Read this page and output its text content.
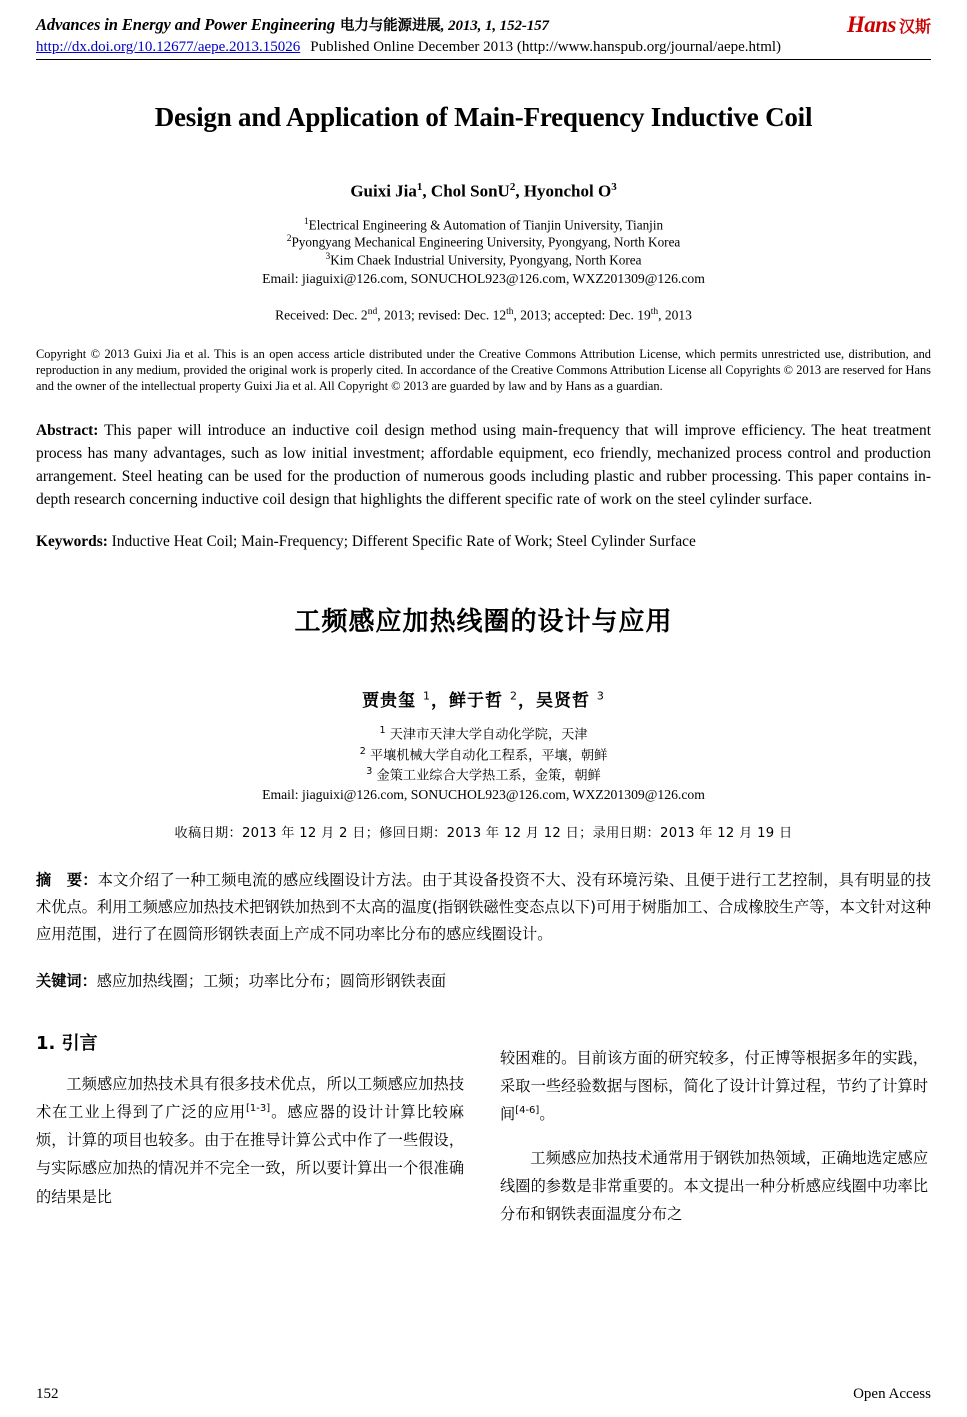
Advances in Energy and Power Engineering 电力与能源进展, 2013, 1, 152-157	Hans 汉斯
http://dx.doi.org/10.12677/aepe.2013.15026 Published Online December 2013 (http://www.hanspub.org/journal/aepe.html)
Design and Application of Main-Frequency Inductive Coil
Guixi Jia$^1$, Chol SonU$^2$, Hyonchol $O^3$
$^1$Electrical Engineering & Automation of Tianjin University, Tianjin
$^2$Pyongyang Mechanical Engineering University, Pyongyang, North Korea
$^3$Kim Chaek Industrial University, Pyongyang, North Korea
Email: jiaguixi@126.com, SONUCHOL923@126.com, WXZ201309@126.com
Received: Dec. 2nd, 2013; revised: Dec. 12th, 2013; accepted: Dec. 19th, 2013
Copyright © 2013 Guixi Jia et al. This is an open access article distributed under the Creative Commons Attribution License, which permits unrestricted use, distribution, and reproduction in any medium, provided the original work is properly cited. In accordance of the Creative Commons Attribution License all Copyrights © 2013 are reserved for Hans and the owner of the intellectual property Guixi Jia et al. All Copyright © 2013 are guarded by law and by Hans as a guardian.
Abstract: This paper will introduce an inductive coil design method using main-frequency that will improve efficiency. The heat treatment process has many advantages, such as low initial investment; affordable equipment, eco friendly, mechanized process control and production arrangement. Steel heating can be used for the production of numerous goods including plastic and rubber processing. This paper contains in-depth research concerning inductive coil design that highlights the different specific rate of work on the steel cylinder surface.
Keywords: Inductive Heat Coil; Main-Frequency; Different Specific Rate of Work; Steel Cylinder Surface
工频感应加热线圈的设计与应用
贾贵玺 $^1$，鲜于哲 $^2$，吴贤哲 $^3$
$^1$ 天津市天津大学自动化学院，天津
$^2$ 平壤机械大学自动化工程系，平壤，朝鲜
$^3$ 金策工业综合大学热工系，金策，朝鲜
Email: jiaguixi@126.com, SONUCHOL923@126.com, WXZ201309@126.com
收稿日期：2013 年 12 月 2 日；修回日期：2013 年 12 月 12 日；录用日期：2013 年 12 月 19 日
摘　要：本文介绍了一种工频电流的感应线圈设计方法。由于其设备投资不大、没有环境污染、且便于进行工艺控制，具有明显的技术优点。利用工频感应加热技术把钢铁加热到不太高的温度(指钢铁磁性变态点以下)可用于树脂加工、合成橡胶生产等，本文针对这种应用范围，进行了在圆筒形钢铁表面上产成不同功率比分布的感应线圈设计。
关键词：感应加热线圈；工频；功率比分布；圆筒形钢铁表面
1. 引言

工频感应加热技术具有很多技术优点，所以工频感应加热技术在工业上得到了广泛的应用[1-3]。感应器的设计计算比较麻烦，计算的项目也较多。由于在推导计算公式中作了一些假设，与实际感应加热的情况并不完全一致，所以要计算出一个很准确的结果是比

较困难的。目前该方面的研究较多，付正博等根据多年的实践，采取一些经验数据与图标，简化了设计计算过程，节约了计算时间[4-6]。

工频感应加热技术通常用于钢铁加热领域，正确地选定感应线圈的参数是非常重要的。本文提出一种分析感应线圈中功率比分布和钢铁表面温度分布之

152	Open Access
